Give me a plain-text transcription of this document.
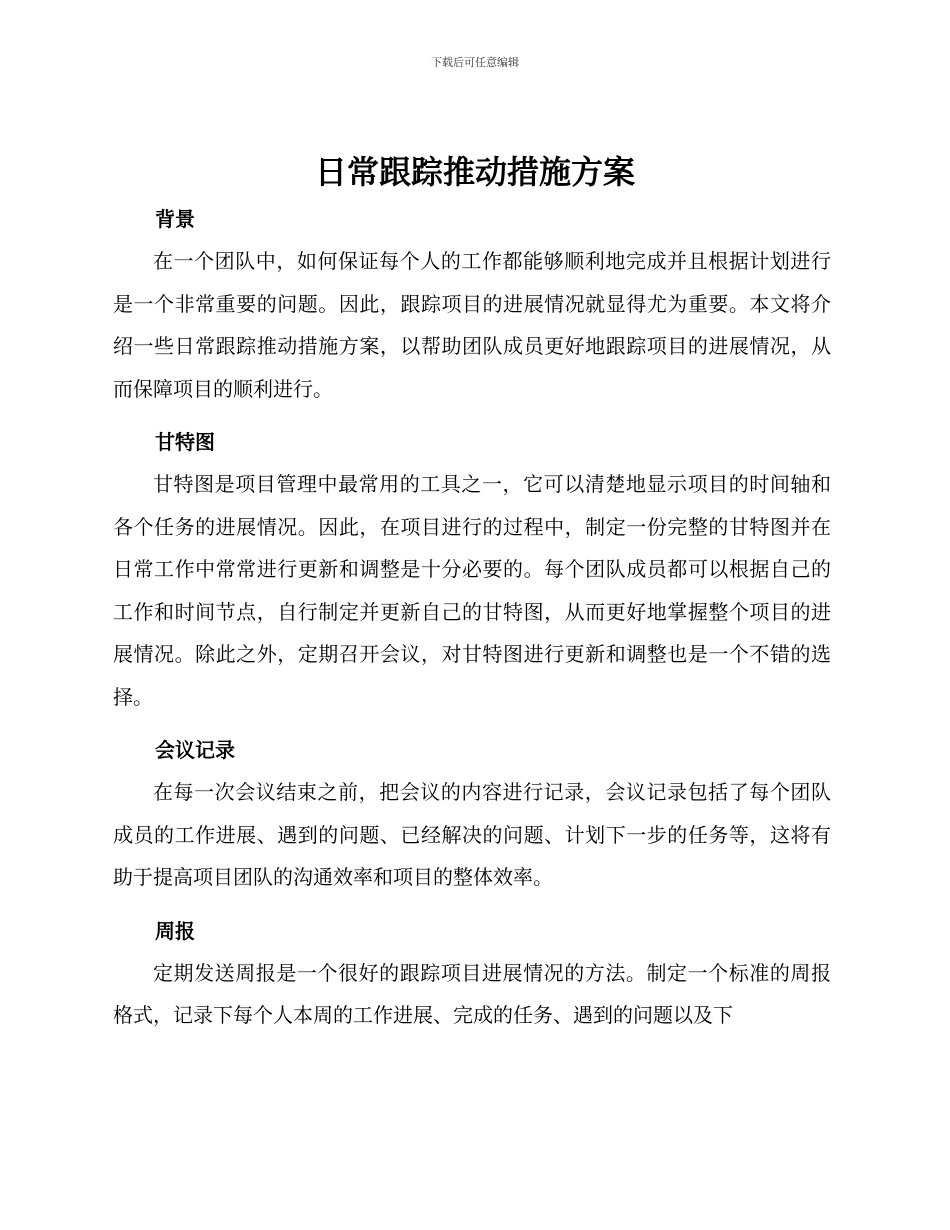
下载后可任意编辑
日常跟踪推动措施方案
背景

在一个团队中，如何保证每个人的工作都能够顺利地完成并且根据计划进行是一个非常重要的问题。因此，跟踪项目的进展情况就显得尤为重要。本文将介绍一些日常跟踪推动措施方案，以帮助团队成员更好地跟踪项目的进展情况，从而保障项目的顺利进行。

甘特图

甘特图是项目管理中最常用的工具之一，它可以清楚地显示项目的时间轴和各个任务的进展情况。因此，在项目进行的过程中，制定一份完整的甘特图并在日常工作中常常进行更新和调整是十分必要的。每个团队成员都可以根据自己的工作和时间节点，自行制定并更新自己的甘特图，从而更好地掌握整个项目的进展情况。除此之外，定期召开会议，对甘特图进行更新和调整也是一个不错的选择。

会议记录

在每一次会议结束之前，把会议的内容进行记录，会议记录包括了每个团队成员的工作进展、遇到的问题、已经解决的问题、计划下一步的任务等，这将有助于提高项目团队的沟通效率和项目的整体效率。

周报

定期发送周报是一个很好的跟踪项目进展情况的方法。制定一个标准的周报格式，记录下每个人本周的工作进展、完成的任务、遇到的问题以及下
